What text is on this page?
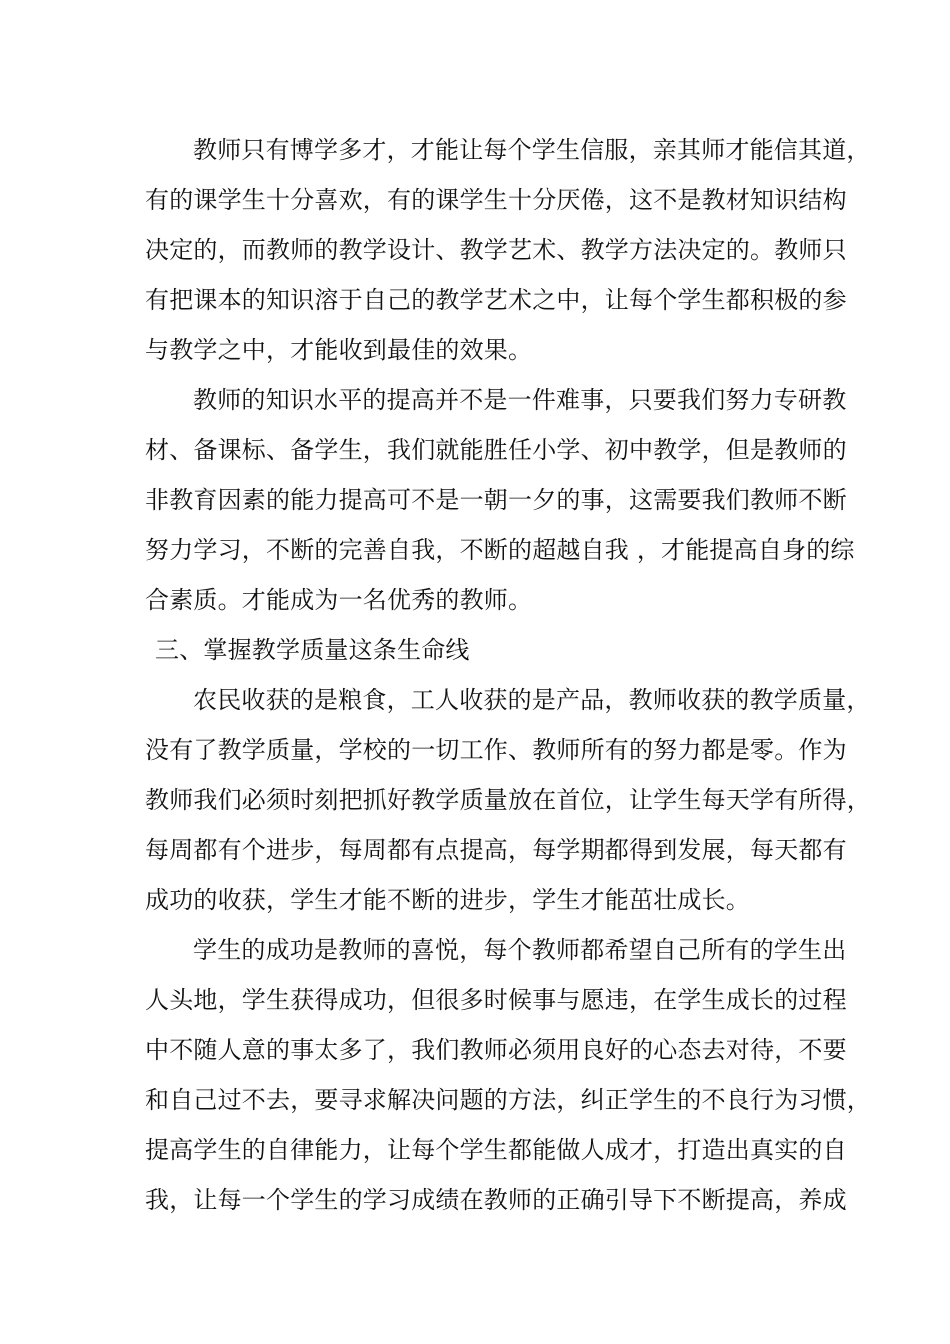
教师只有博学多才，才能让每个学生信服，亲其师才能信其道，
有的课学生十分喜欢，有的课学生十分厌倦，这不是教材知识结构
决定的，而教师的教学设计、教学艺术、教学方法决定的。教师只
有把课本的知识溶于自己的教学艺术之中，让每个学生都积极的参
与教学之中，才能收到最佳的效果。
教师的知识水平的提高并不是一件难事，只要我们努力专研教
材、备课标、备学生，我们就能胜任小学、初中教学，但是教师的
非教育因素的能力提高可不是一朝一夕的事，这需要我们教师不断
努力学习，不断的完善自我，不断的超越自我 ，才能提高自身的综
合素质。才能成为一名优秀的教师。
三、掌握教学质量这条生命线
农民收获的是粮食，工人收获的是产品，教师收获的教学质量，
没有了教学质量，学校的一切工作、教师所有的努力都是零。作为
教师我们必须时刻把抓好教学质量放在首位，让学生每天学有所得，
每周都有个进步，每周都有点提高，每学期都得到发展，每天都有
成功的收获，学生才能不断的进步，学生才能茁壮成长。
学生的成功是教师的喜悦，每个教师都希望自己所有的学生出
人头地，学生获得成功，但很多时候事与愿违，在学生成长的过程
中不随人意的事太多了，我们教师必须用良好的心态去对待，不要
和自己过不去，要寻求解决问题的方法，纠正学生的不良行为习惯，
提高学生的自律能力，让每个学生都能做人成才，打造出真实的自
我，让每一个学生的学习成绩在教师的正确引导下不断提高，养成
